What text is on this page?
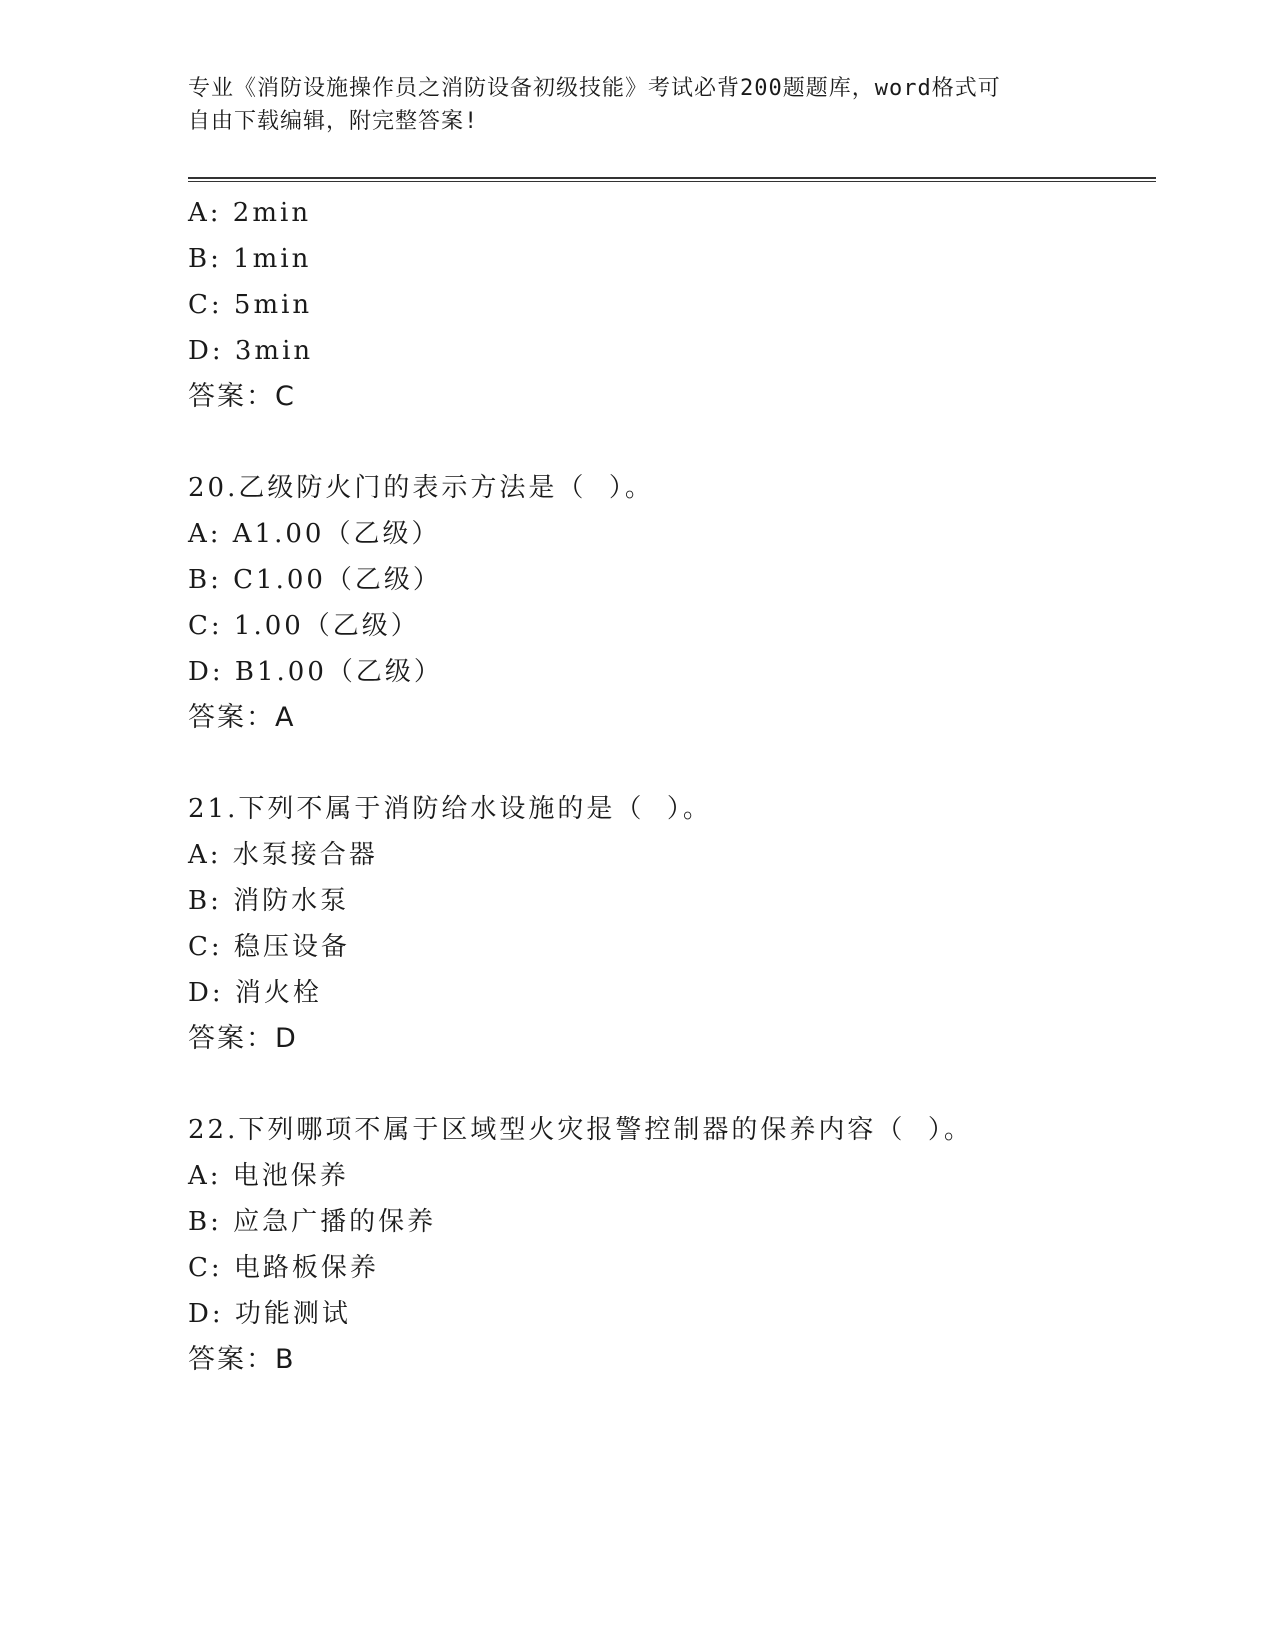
专业《消防设施操作员之消防设备初级技能》考试必背200题题库，word格式可
自由下载编辑，附完整答案!
A: 2min
B: 1min
C: 5min
D: 3min
答案：C
20.乙级防火门的表示方法是（  ）。
A: A1.00（乙级）
B: C1.00（乙级）
C: 1.00（乙级）
D: B1.00（乙级）
答案：A
21.下列不属于消防给水设施的是（  ）。
A: 水泵接合器
B: 消防水泵
C: 稳压设备
D: 消火栓
答案：D
22.下列哪项不属于区域型火灾报警控制器的保养内容（  ）。
A: 电池保养
B: 应急广播的保养
C: 电路板保养
D: 功能测试
答案：B
